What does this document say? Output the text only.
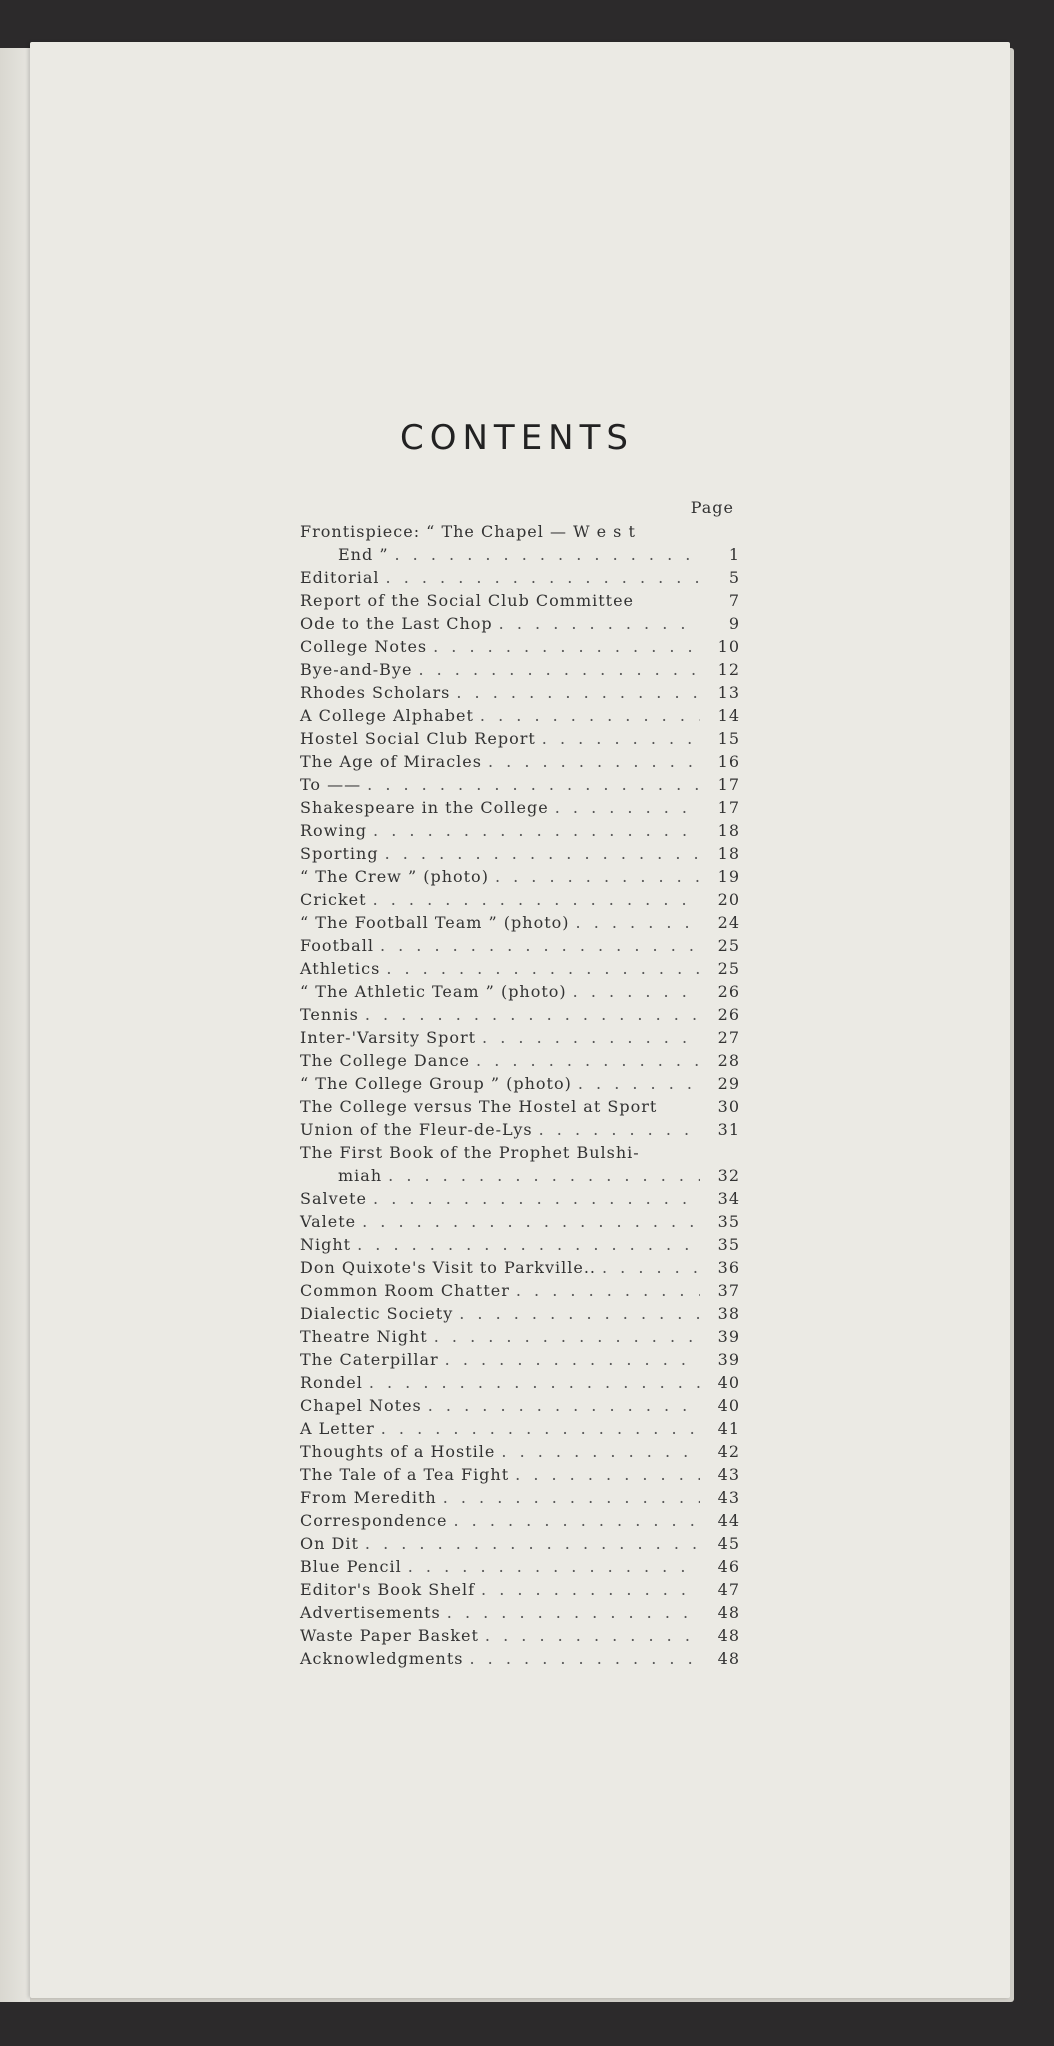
CONTENTS
Page
Frontispiece: “ The Chapel — W e s t
End ” . . .	1
Editorial . . .	5
Report of the Social Club Committee	7
Ode to the Last Chop . . .	9
College Notes . . .	10
Bye-and-Bye . . .	12
Rhodes Scholars . . .	13
A College Alphabet . . .	14
Hostel Social Club Report . . .	15
The Age of Miracles . . .	16
To —— . . .	17
Shakespeare in the College . . .	17
Rowing . . .	18
Sporting . . .	18
“ The Crew ” (photo) . . .	19
Cricket . . .	20
“ The Football Team ” (photo) . . .	24
Football . . .	25
Athletics . . .	25
“ The Athletic Team ” (photo) . . .	26
Tennis . . .	26
Inter-'Varsity Sport . . .	27
The College Dance . . .	28
“ The College Group ” (photo) . . .	29
The College versus The Hostel at Sport	30
Union of the Fleur-de-Lys . . .	31
The First Book of the Prophet Bulshi-
miah . . .	32
Salvete . . .	34
Valete . . .	35
Night . . .	35
Don Quixote's Visit to Parkville.. . . .	36
Common Room Chatter . . .	37
Dialectic Society . . .	38
Theatre Night . . .	39
The Caterpillar . . .	39
Rondel . . .	40
Chapel Notes . . .	40
A Letter . . .	41
Thoughts of a Hostile . . .	42
The Tale of a Tea Fight . . .	43
From Meredith . . .	43
Correspondence . . .	44
On Dit . . .	45
Blue Pencil . . .	46
Editor's Book Shelf . . .	47
Advertisements . . .	48
Waste Paper Basket . . .	48
Acknowledgments . . .	48
